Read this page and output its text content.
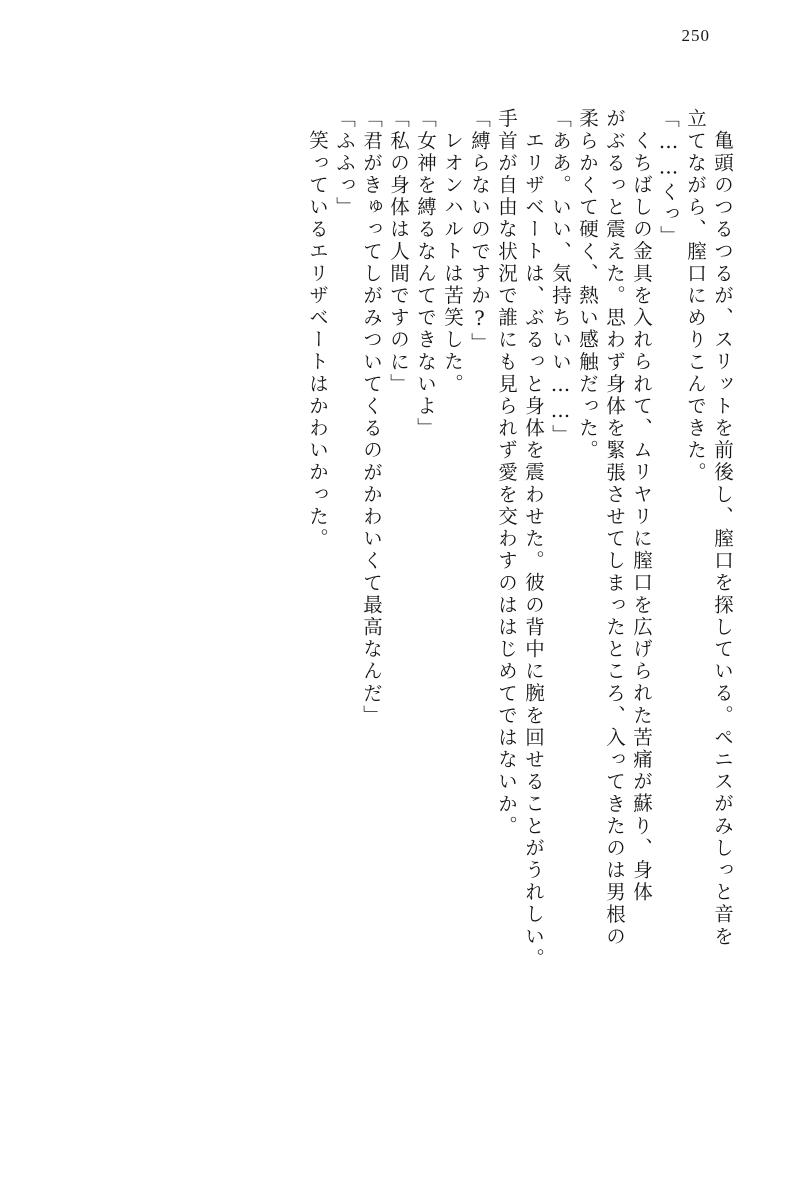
250
亀頭のつるつるが、スリットを前後し、膣口を探している。ペニスがみしっと音を
立てながら、膣口にめりこんできた。
「……くっ」
くちばしの金具を入れられて、ムリヤリに膣口を広げられた苦痛が蘇り、身体
がぶるっと震えた。思わず身体を緊張させてしまったところ、入ってきたのは男根の
柔らかくて硬く、熱い感触だった。
「ああ。いい、気持ちいい……」
エリザベートは、ぶるっと身体を震わせた。彼の背中に腕を回せることがうれしい。
手首が自由な状況で誰にも見られず愛を交わすのははじめてではないか。
「縛らないのですか?」
レオンハルトは苦笑した。
「女神を縛るなんてできないよ」
「私の身体は人間ですのに」
「君がきゅってしがみついてくるのがかわいくて最高なんだ」
「ふふっ」
笑っているエリザベートはかわいかった。
